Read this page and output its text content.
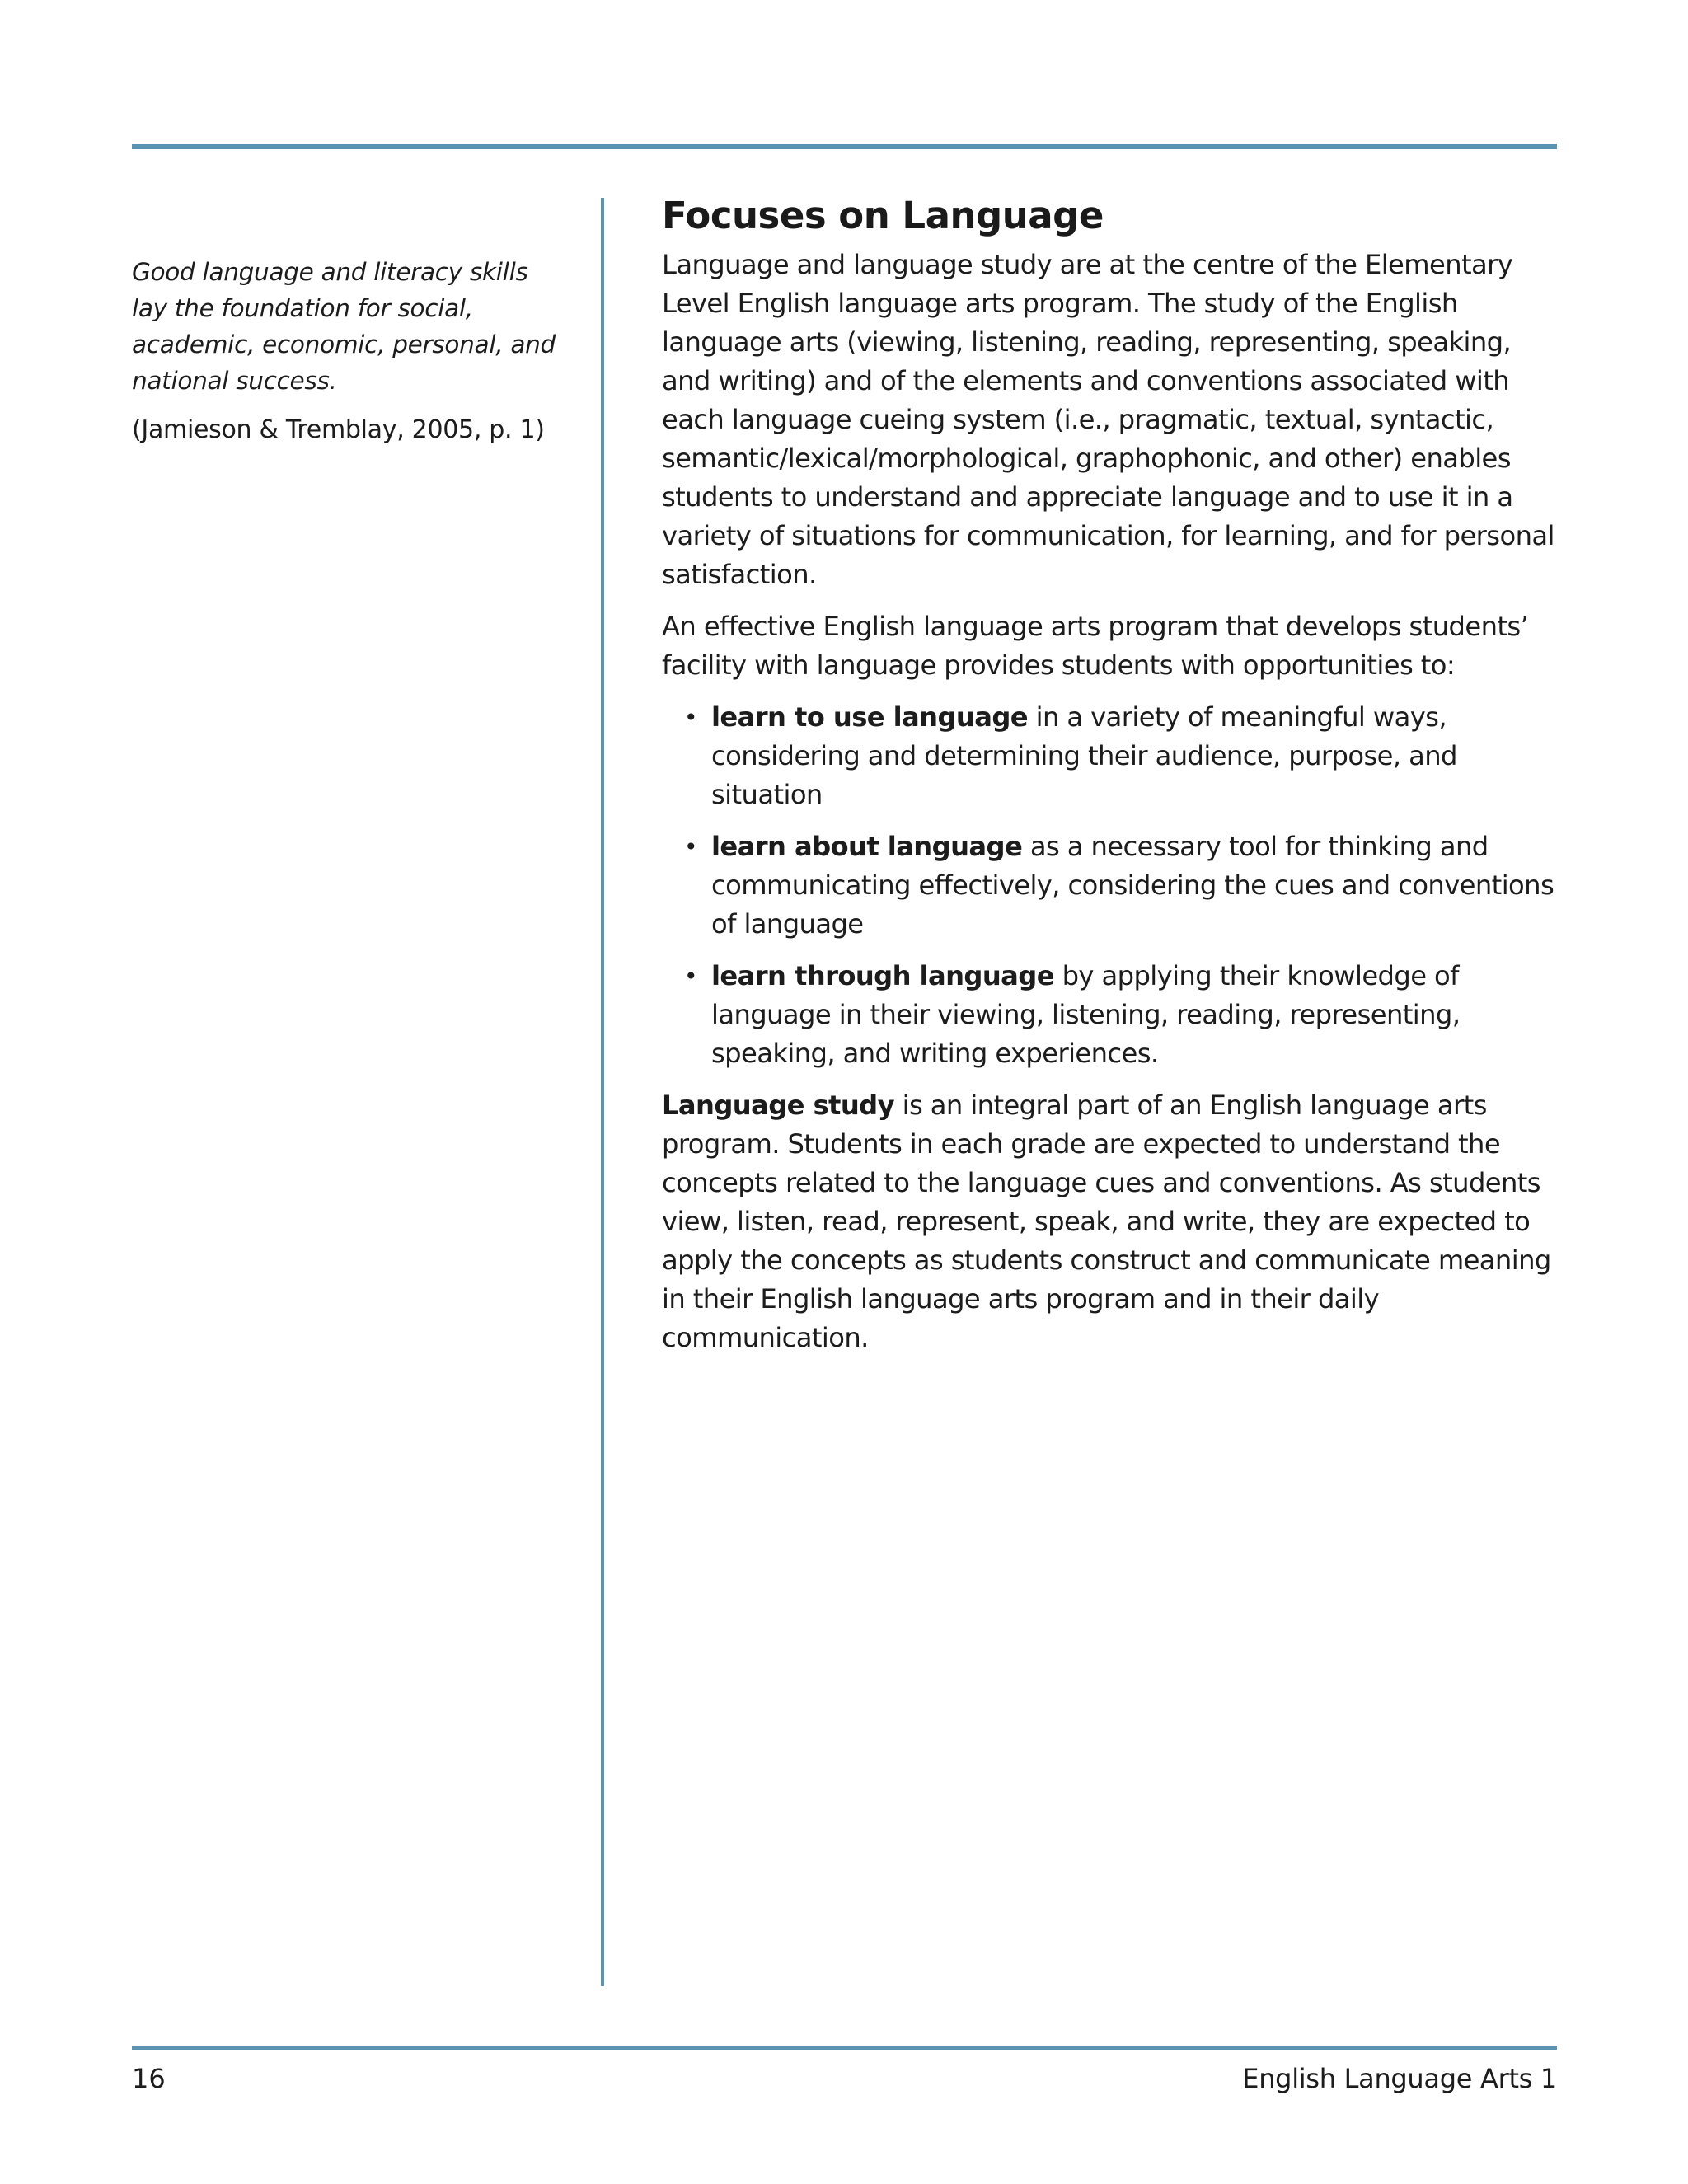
Good language and literacy skills lay the foundation for social, academic, economic, personal, and national success.

(Jamieson & Tremblay, 2005, p. 1)

Focuses on Language

Language and language study are at the centre of the Elementary Level English language arts program. The study of the English language arts (viewing, listening, reading, representing, speaking, and writing) and of the elements and conventions associated with each language cueing system (i.e., pragmatic, textual, syntactic, semantic/lexical/morphological, graphophonic, and other) enables students to understand and appreciate language and to use it in a variety of situations for communication, for learning, and for personal satisfaction.

An effective English language arts program that develops students’ facility with language provides students with opportunities to:

• learn to use language in a variety of meaningful ways, considering and determining their audience, purpose, and situation
• learn about language as a necessary tool for thinking and communicating effectively, considering the cues and conventions of language
• learn through language by applying their knowledge of language in their viewing, listening, reading, representing, speaking, and writing experiences.

Language study is an integral part of an English language arts program. Students in each grade are expected to understand the concepts related to the language cues and conventions. As students view, listen, read, represent, speak, and write, they are expected to apply the concepts as students construct and communicate meaning in their English language arts program and in their daily communication.

16	English Language Arts 1
